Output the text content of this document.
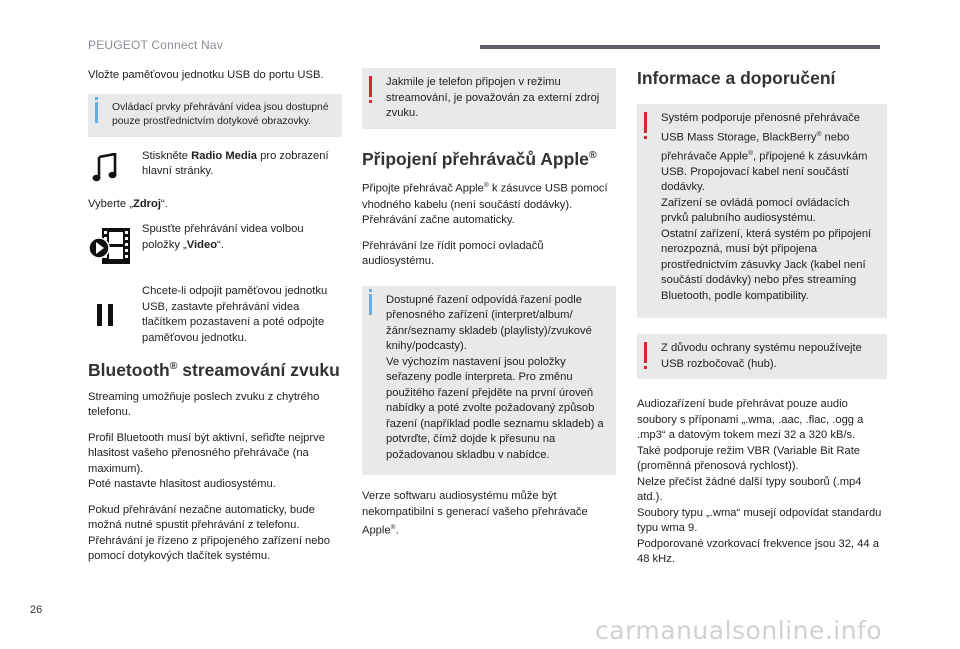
PEUGEOT Connect Nav

Vložte paměťovou jednotku USB do portu USB.

Ovládací prvky přehrávání videa jsou dostupné pouze prostřednictvím dotykové obrazovky.
Stiskněte Radio Media pro zobrazení hlavní stránky.

Vyberte „Zdroj“.

Spusťte přehrávání videa volbou položky „Video“.
Chcete-li odpojit paměťovou jednotku USB, zastavte přehrávání videa tlačítkem pozastavení a poté odpojte paměťovou jednotku.
Bluetooth® streamování zvuku

Streaming umožňuje poslech zvuku z chytrého telefonu.

Profil Bluetooth musí být aktivní, seřiďte nejprve hlasitost vašeho přenosného přehrávače (na maximum).
Poté nastavte hlasitost audiosystému.

Pokud přehrávání nezačne automaticky, bude možná nutné spustit přehrávání z telefonu.
Přehrávání je řízeno z připojeného zařízení nebo pomocí dotykových tlačítek systému.

Jakmile je telefon připojen v režimu streamování, je považován za externí zdroj zvuku.
Připojení přehrávačů Apple®

Připojte přehrávač Apple® k zásuvce USB pomocí vhodného kabelu (není součástí dodávky).
Přehrávání začne automaticky.

Přehrávání lze řídit pomocí ovladačů audiosystému.

Dostupné řazení odpovídá řazení podle přenosného zařízení (interpret/album/žánr/seznamy skladeb (playlisty)/zvukové knihy/podcasty).
Ve výchozím nastavení jsou položky seřazeny podle interpreta. Pro změnu použitého řazení přejděte na první úroveň nabídky a poté zvolte požadovaný způsob řazení (například podle seznamu skladeb) a potvrďte, čímž dojde k přesunu na požadovanou skladbu v nabídce.

Verze softwaru audiosystému může být nekompatibilní s generací vašeho přehrávače Apple®.

Informace a doporučení
Systém podporuje přenosné přehrávače USB Mass Storage, BlackBerry® nebo přehrávače Apple®, připojené k zásuvkám USB. Propojovací kabel není součástí dodávky.
Zařízení se ovládá pomocí ovládacích prvků palubního audiosystému.
Ostatní zařízení, která systém po připojení nerozpozná, musí být připojena prostřednictvím zásuvky Jack (kabel není součástí dodávky) nebo přes streaming Bluetooth, podle kompatibility.
Z důvodu ochrany systému nepoužívejte USB rozbočovač (hub).

Audiozařízení bude přehrávat pouze audio soubory s příponami „.wma, .aac, .flac, .ogg a .mp3“ a datovým tokem mezi 32 a 320 kB/s.
Také podporuje režim VBR (Variable Bit Rate (proměnná přenosová rychlost)).
Nelze přečíst žádné další typy souborů (.mp4 atd.).
Soubory typu „.wma“ musejí odpovídat standardu typu wma 9.
Podporované vzorkovací frekvence jsou 32, 44 a 48 kHz.

26
carmanualsonline.info
